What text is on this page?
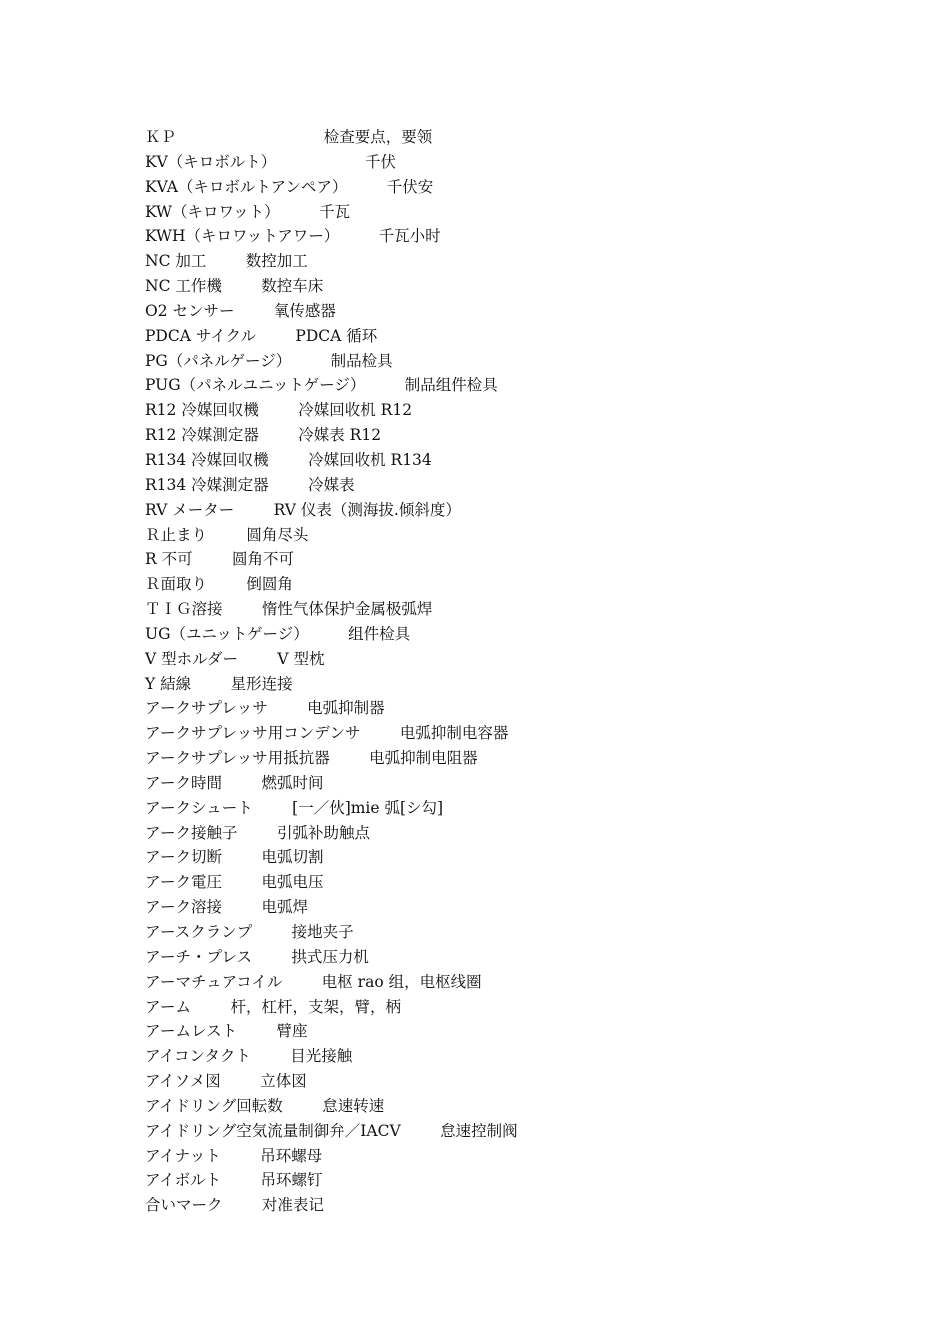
ＫＰ                              检查要点，要领
KV（キロボルト）                  千伏
KVA（キロボルトアンペア）        千伏安
KW（キロワット）        千瓦
KWH（キロワットアワー）        千瓦小时
NC 加工        数控加工
NC 工作機        数控车床
O2 センサー        氧传感器
PDCA サイクル        PDCA 循环
PG（パネルゲージ）        制品检具
PUG（パネルユニットゲージ）        制品组件检具
R12 冷媒回収機        冷媒回收机 R12
R12 冷媒測定器        冷媒表 R12
R134 冷媒回収機        冷媒回收机 R134
R134 冷媒測定器        冷媒表
RV メーター        RV 仪表（测海拔.倾斜度）
Ｒ止まり        圆角尽头
R 不可        圆角不可
Ｒ面取り        倒圆角
ＴＩＧ溶接        惰性气体保护金属极弧焊
UG（ユニットゲージ）        组件检具
V 型ホルダー        V 型枕
Y 結線        星形连接
アークサプレッサ        电弧抑制器
アークサプレッサ用コンデンサ        电弧抑制电容器
アークサプレッサ用抵抗器        电弧抑制电阻器
アーク時間        燃弧时间
アークシュート        [一／伙]mie 弧[シ勾]
アーク接触子        引弧补助触点
アーク切断        电弧切割
アーク電圧        电弧电压
アーク溶接        电弧焊
アースクランプ        接地夹子
アーチ・プレス        拱式压力机
アーマチュアコイル        电枢 rao 组，电枢线圈
アーム        杆，杠杆，支架，臂，柄
アームレスト        臂座
アイコンタクト        目光接触
アイソメ図        立体図
アイドリング回転数        怠速转速
アイドリング空気流量制御弁／IACV        怠速控制阀
アイナット        吊环螺母
アイボルト        吊环螺钉
合いマーク        对准表记
